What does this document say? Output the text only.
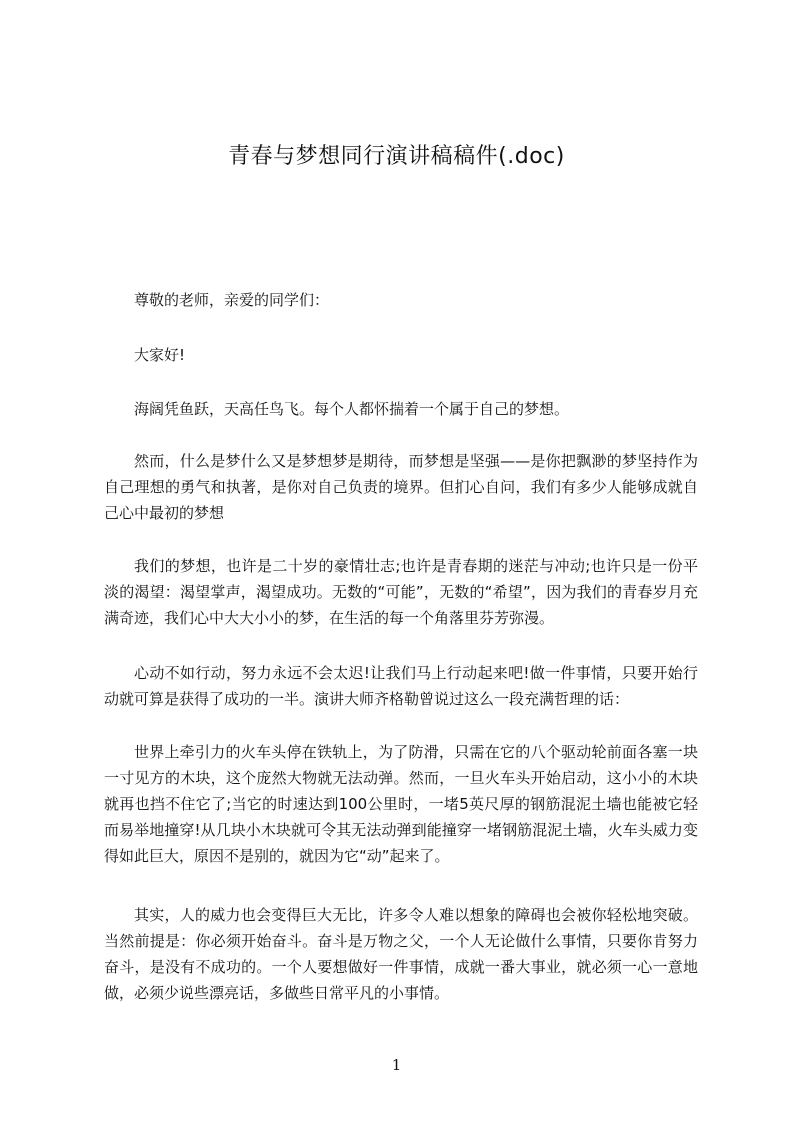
青春与梦想同行演讲稿稿件(.doc)
尊敬的老师，亲爱的同学们：
大家好!
海阔凭鱼跃，天高任鸟飞。每个人都怀揣着一个属于自己的梦想。
然而，什么是梦什么又是梦想梦是期待，而梦想是坚强——是你把飘渺的梦坚持作为自己理想的勇气和执著，是你对自己负责的境界。但扪心自问，我们有多少人能够成就自己心中最初的梦想
我们的梦想，也许是二十岁的豪情壮志;也许是青春期的迷茫与冲动;也许只是一份平淡的渴望：渴望掌声，渴望成功。无数的“可能”，无数的“希望”，因为我们的青春岁月充满奇迹，我们心中大大小小的梦，在生活的每一个角落里芬芳弥漫。
心动不如行动，努力永远不会太迟!让我们马上行动起来吧!做一件事情，只要开始行动就可算是获得了成功的一半。演讲大师齐格勒曾说过这么一段充满哲理的话：
世界上牵引力的火车头停在铁轨上，为了防滑，只需在它的八个驱动轮前面各塞一块一寸见方的木块，这个庞然大物就无法动弹。然而，一旦火车头开始启动，这小小的木块就再也挡不住它了;当它的时速达到100公里时，一堵5英尺厚的钢筋混泥土墙也能被它轻而易举地撞穿!从几块小木块就可令其无法动弹到能撞穿一堵钢筋混泥土墙，火车头威力变得如此巨大，原因不是别的，就因为它“动”起来了。
其实，人的威力也会变得巨大无比，许多令人难以想象的障碍也会被你轻松地突破。当然前提是：你必须开始奋斗。奋斗是万物之父，一个人无论做什么事情，只要你肯努力奋斗，是没有不成功的。一个人要想做好一件事情，成就一番大事业，就必须一心一意地做，必须少说些漂亮话，多做些日常平凡的小事情。
1
